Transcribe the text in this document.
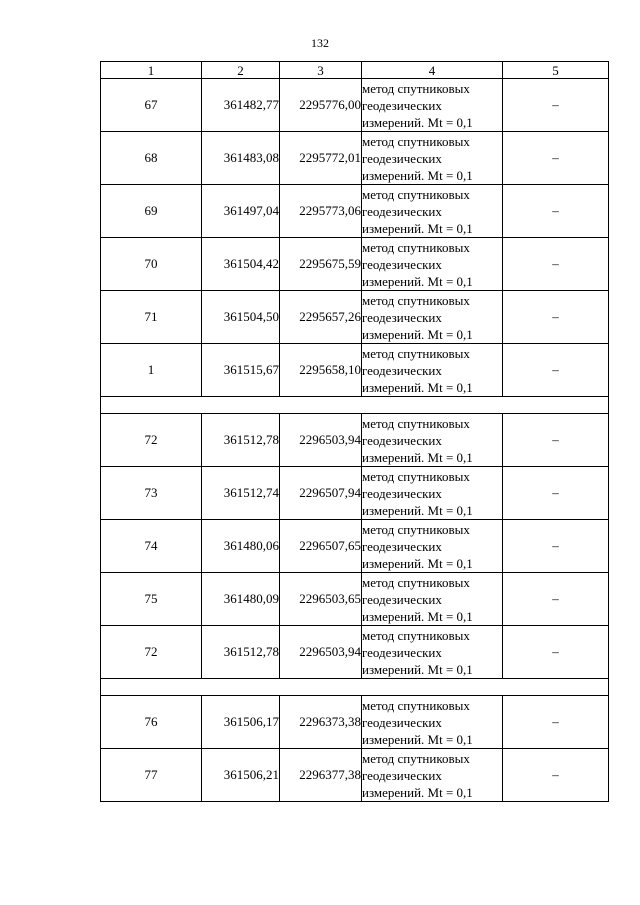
132
1	2	3	4	5
67	361482,77	2295776,00	метод спутниковых
геодезических
измерений. Mt = 0,1	–
68	361483,08	2295772,01	метод спутниковых
геодезических
измерений. Mt = 0,1	–
69	361497,04	2295773,06	метод спутниковых
геодезических
измерений. Mt = 0,1	–
70	361504,42	2295675,59	метод спутниковых
геодезических
измерений. Mt = 0,1	–
71	361504,50	2295657,26	метод спутниковых
геодезических
измерений. Mt = 0,1	–
1	361515,67	2295658,10	метод спутниковых
геодезических
измерений. Mt = 0,1	–

72	361512,78	2296503,94	метод спутниковых
геодезических
измерений. Mt = 0,1	–
73	361512,74	2296507,94	метод спутниковых
геодезических
измерений. Mt = 0,1	–
74	361480,06	2296507,65	метод спутниковых
геодезических
измерений. Mt = 0,1	–
75	361480,09	2296503,65	метод спутниковых
геодезических
измерений. Mt = 0,1	–
72	361512,78	2296503,94	метод спутниковых
геодезических
измерений. Mt = 0,1	–

76	361506,17	2296373,38	метод спутниковых
геодезических
измерений. Mt = 0,1	–
77	361506,21	2296377,38	метод спутниковых
геодезических
измерений. Mt = 0,1	–
